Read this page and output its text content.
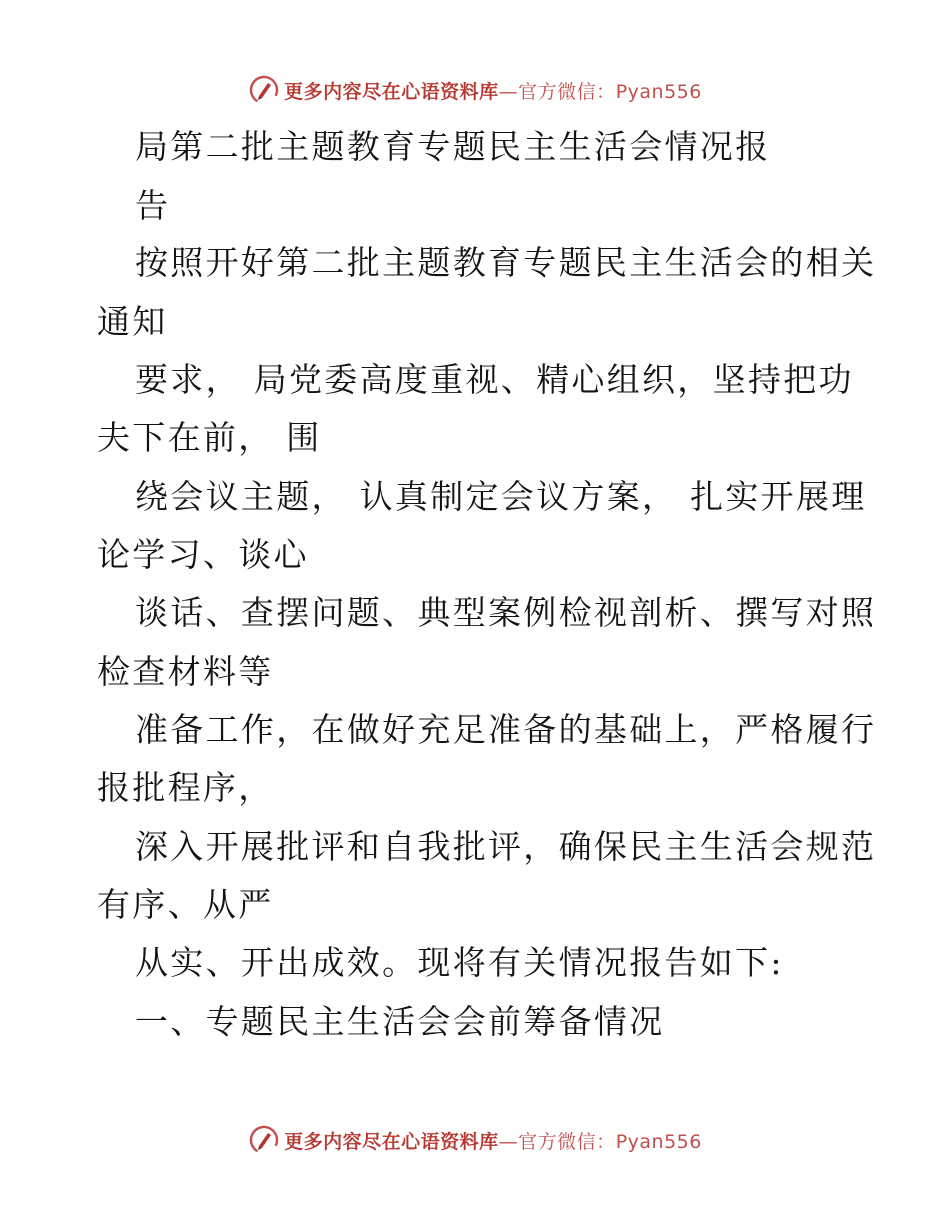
更多内容尽在心语资料库—官方微信：Pyan556
局第二批主题教育专题民主生活会情况报
告
按照开好第二批主题教育专题民主生活会的相关
通知
要求， 局党委高度重视、精心组织，坚持把功
夫下在前， 围
绕会议主题， 认真制定会议方案， 扎实开展理
论学习、谈心
谈话、查摆问题、典型案例检视剖析、撰写对照
检查材料等
准备工作，在做好充足准备的基础上，严格履行
报批程序，
深入开展批评和自我批评，确保民主生活会规范
有序、从严
从实、开出成效。现将有关情况报告如下:
一、专题民主生活会会前筹备情况
更多内容尽在心语资料库—官方微信：Pyan556
